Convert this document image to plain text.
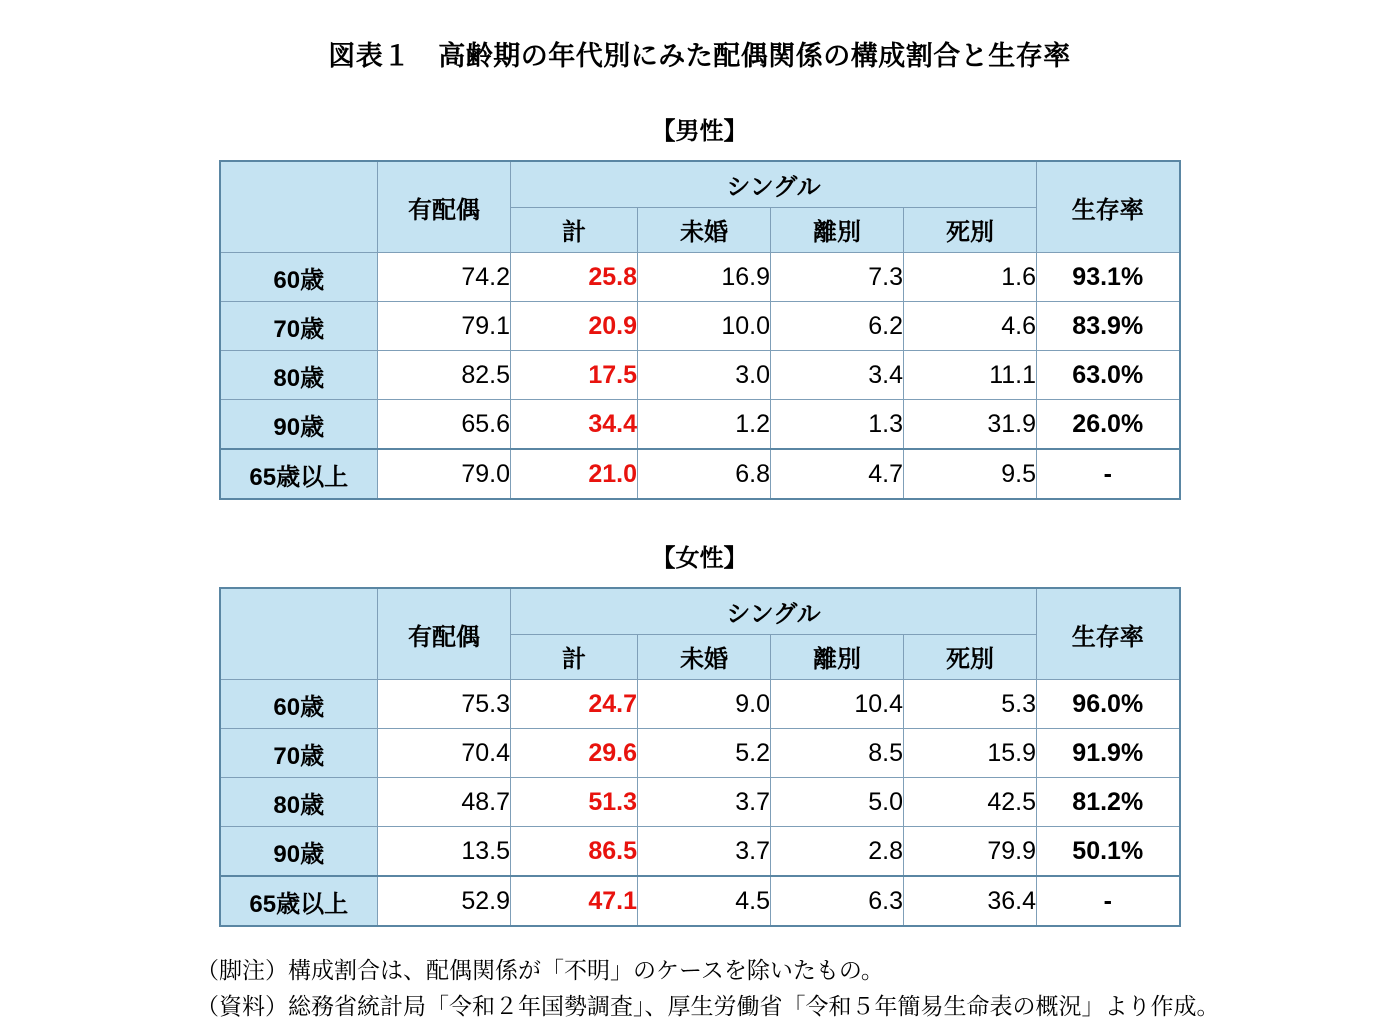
図表１　高齢期の年代別にみた配偶関係の構成割合と生存率
【男性】
	有配偶	シングル				生存率
		計	未婚	離別	死別	
60歳	74.2	25.8	16.9	7.3	1.6	93.1%
70歳	79.1	20.9	10.0	6.2	4.6	83.9%
80歳	82.5	17.5	3.0	3.4	11.1	63.0%
90歳	65.6	34.4	1.2	1.3	31.9	26.0%
65歳以上	79.0	21.0	6.8	4.7	9.5	-
【女性】
	有配偶	シングル				生存率
		計	未婚	離別	死別	
60歳	75.3	24.7	9.0	10.4	5.3	96.0%
70歳	70.4	29.6	5.2	8.5	15.9	91.9%
80歳	48.7	51.3	3.7	5.0	42.5	81.2%
90歳	13.5	86.5	3.7	2.8	79.9	50.1%
65歳以上	52.9	47.1	4.5	6.3	36.4	-
（脚注）構成割合は、配偶関係が「不明」のケースを除いたもの。
（資料）総務省統計局「令和２年国勢調査」、厚生労働省「令和５年簡易生命表の概況」より作成。
